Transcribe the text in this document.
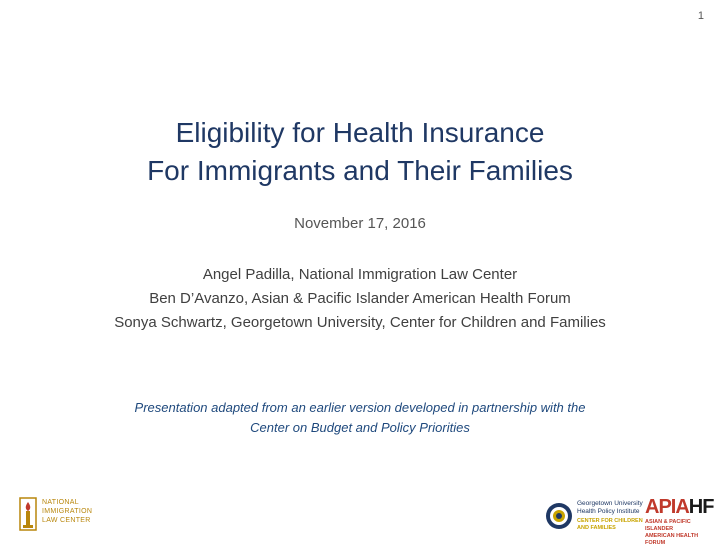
1
Eligibility for Health Insurance
For Immigrants and Their Families
November 17, 2016
Angel Padilla, National Immigration Law Center
Ben D’Avanzo, Asian & Pacific Islander American Health Forum
Sonya Schwartz, Georgetown University, Center for Children and Families
Presentation adapted from an earlier version developed in partnership with the
Center on Budget and Policy Priorities
NATIONAL
IMMIGRATION
LAW CENTER
Georgetown University
Health Policy Institute
CENTER FOR CHILDREN
AND FAMILIES
APIAHF
ASIAN & PACIFIC ISLANDER
AMERICAN HEALTH FORUM
